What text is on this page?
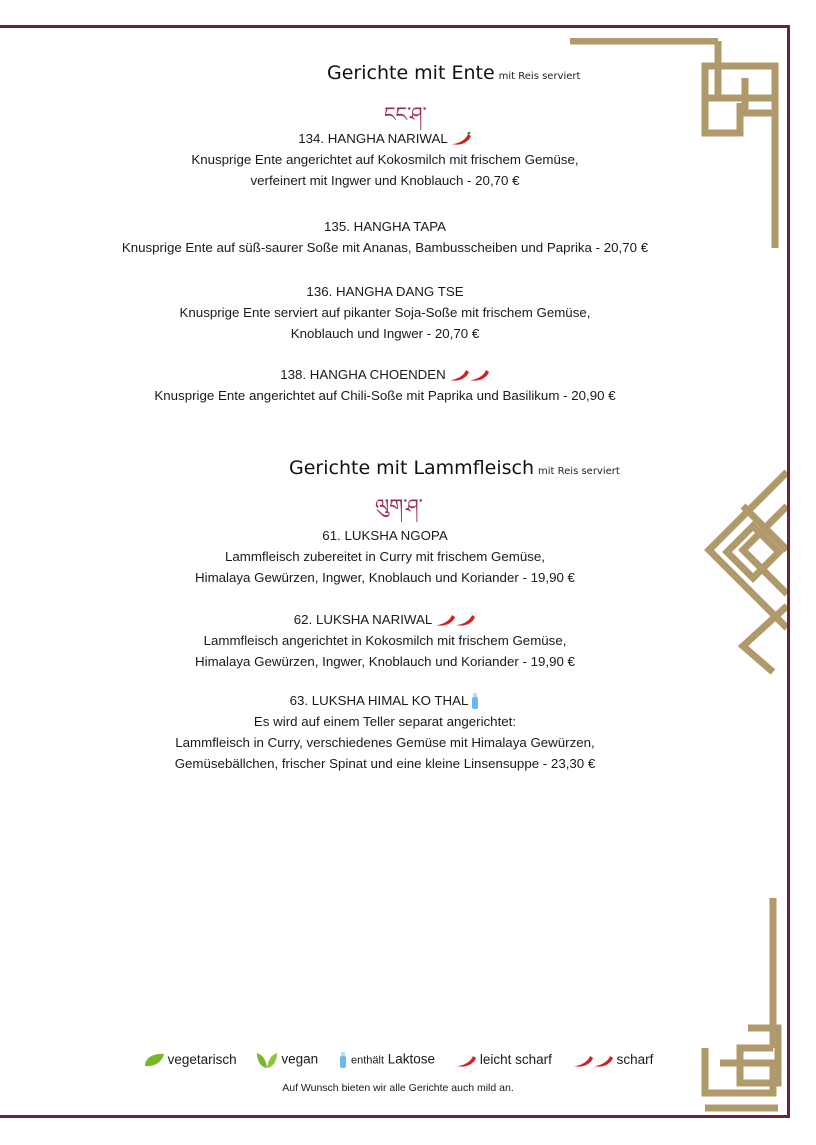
Gerichte mit Ente mit Reis serviert
ངང་ཤ་
134. HANGHA NARIWAL
Knusprige Ente angerichtet auf Kokosmilch mit frischem Gemüse,
verfeinert mit Ingwer und Knoblauch - 20,70 €
135. HANGHA TAPA
Knusprige Ente auf süß-saurer Soße mit Ananas, Bambusscheiben und Paprika - 20,70 €
136. HANGHA DANG TSE
Knusprige Ente serviert auf pikanter Soja-Soße mit frischem Gemüse,
Knoblauch und Ingwer - 20,70 €
138. HANGHA CHOENDEN
Knusprige Ente angerichtet auf Chili-Soße mit Paprika und Basilikum - 20,90 €
Gerichte mit Lammfleisch mit Reis serviert
ལུག་ཤ་
61. LUKSHA NGOPA
Lammfleisch zubereitet in Curry mit frischem Gemüse,
Himalaya Gewürzen, Ingwer, Knoblauch und Koriander - 19,90 €
62. LUKSHA NARIWAL
Lammfleisch angerichtet in Kokosmilch mit frischem Gemüse,
Himalaya Gewürzen, Ingwer, Knoblauch und Koriander - 19,90 €
63. LUKSHA HIMAL KO THAL
Es wird auf einem Teller separat angerichtet:
Lammfleisch in Curry, verschiedenes Gemüse mit Himalaya Gewürzen,
Gemüsebällchen, frischer Spinat und eine kleine Linsensuppe - 23,30 €
vegetarisch	vegan	enthält Laktose	leicht scharf	scharf
Auf Wunsch bieten wir alle Gerichte auch mild an.
